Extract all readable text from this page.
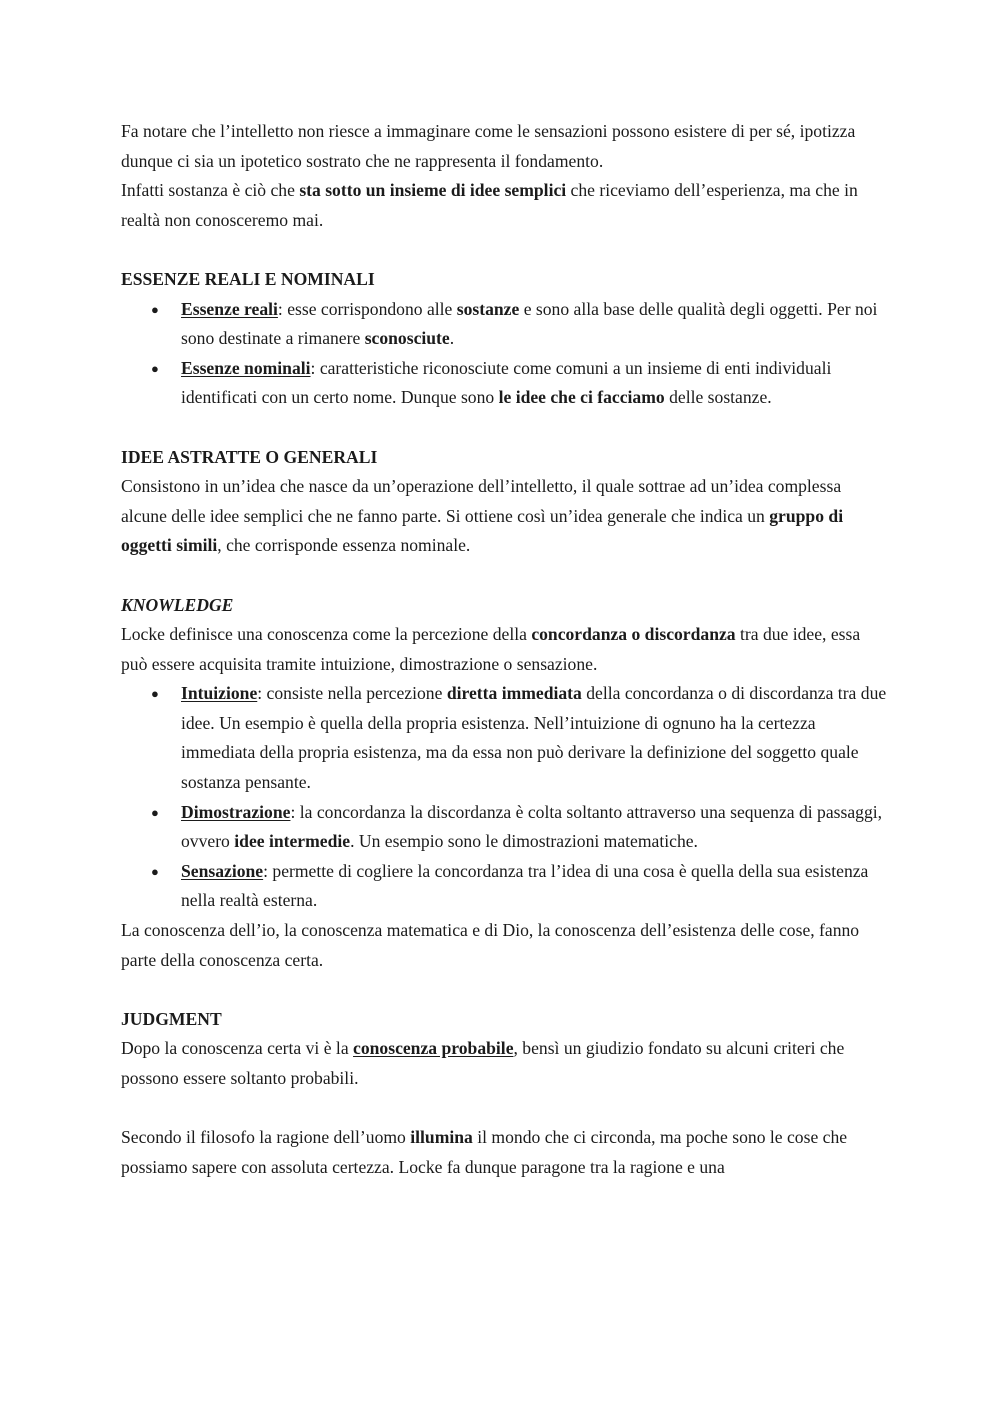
Fa notare che l’intelletto non riesce a immaginare come le sensazioni possono esistere di per sé, ipotizza dunque ci sia un ipotetico sostrato che ne rappresenta il fondamento.
Infatti sostanza è ciò che sta sotto un insieme di idee semplici che riceviamo dell’esperienza, ma che in realtà non conosceremo mai.

ESSENZE REALI E NOMINALI

● Essenze reali: esse corrispondono alle sostanze e sono alla base delle qualità degli oggetti. Per noi sono destinate a rimanere sconosciute.
● Essenze nominali: caratteristiche riconosciute come comuni a un insieme di enti individuali identificati con un certo nome. Dunque sono le idee che ci facciamo delle sostanze.

IDEE ASTRATTE O GENERALI

Consistono in un’idea che nasce da un’operazione dell’intelletto, il quale sottrae ad un’idea complessa alcune delle idee semplici che ne fanno parte. Si ottiene così un’idea generale che indica un gruppo di oggetti simili, che corrisponde essenza nominale.

KNOWLEDGE

Locke definisce una conoscenza come la percezione della concordanza o discordanza tra due idee, essa può essere acquisita tramite intuizione, dimostrazione o sensazione.

● Intuizione: consiste nella percezione diretta immediata della concordanza o di discordanza tra due idee. Un esempio è quella della propria esistenza. Nell’intuizione di ognuno ha la certezza immediata della propria esistenza, ma da essa non può derivare la definizione del soggetto quale sostanza pensante.
● Dimostrazione: la concordanza la discordanza è colta soltanto attraverso una sequenza di passaggi, ovvero idee intermedie. Un esempio sono le dimostrazioni matematiche.
● Sensazione: permette di cogliere la concordanza tra l’idea di una cosa è quella della sua esistenza nella realtà esterna.

La conoscenza dell’io, la conoscenza matematica e di Dio, la conoscenza dell’esistenza delle cose, fanno parte della conoscenza certa.

JUDGMENT

Dopo la conoscenza certa vi è la conoscenza probabile, bensì un giudizio fondato su alcuni criteri che possono essere soltanto probabili.

Secondo il filosofo la ragione dell’uomo illumina il mondo che ci circonda, ma poche sono le cose che possiamo sapere con assoluta certezza. Locke fa dunque paragone tra la ragione e una
